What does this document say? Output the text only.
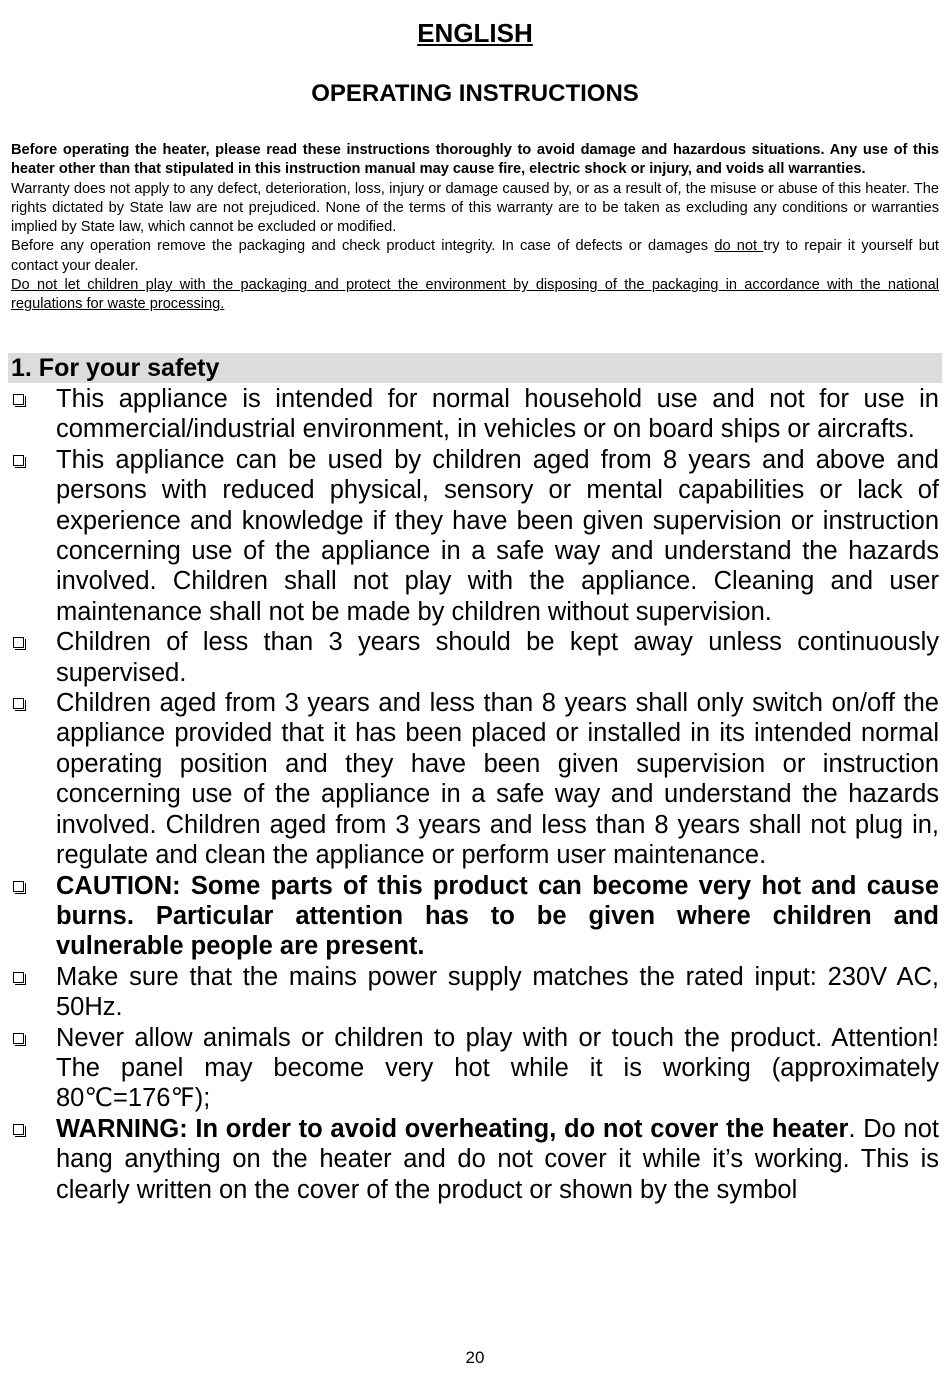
ENGLISH
OPERATING INSTRUCTIONS

Before operating the heater, please read these instructions thoroughly to avoid damage and hazardous situations. Any use of this heater other than that stipulated in this instruction manual may cause fire, electric shock or injury, and voids all warranties.

Warranty does not apply to any defect, deterioration, loss, injury or damage caused by, or as a result of, the misuse or abuse of this heater. The rights dictated by State law are not prejudiced. None of the terms of this warranty are to be taken as excluding any conditions or warranties implied by State law, which cannot be excluded or modified.

Before any operation remove the packaging and check product integrity. In case of defects or damages do not try to repair it yourself but contact your dealer.

Do not let children play with the packaging and protect the environment by disposing of the packaging in accordance with the national regulations for waste processing.

1. For your safety
This appliance is intended for normal household use and not for use in commercial/industrial environment, in vehicles or on board ships or aircrafts.
This appliance can be used by children aged from 8 years and above and persons with reduced physical, sensory or mental capabilities or lack of experience and knowledge if they have been given supervision or instruction concerning use of the appliance in a safe way and understand the hazards involved. Children shall not play with the appliance. Cleaning and user maintenance shall not be made by children without supervision.
Children of less than 3 years should be kept away unless continuously supervised.
Children aged from 3 years and less than 8 years shall only switch on/off the appliance provided that it has been placed or installed in its intended normal operating position and they have been given supervision or instruction concerning use of the appliance in a safe way and understand the hazards involved. Children aged from 3 years and less than 8 years shall not plug in, regulate and clean the appliance or perform user maintenance.
CAUTION: Some parts of this product can become very hot and cause burns. Particular attention has to be given where children and vulnerable people are present.
Make sure that the mains power supply matches the rated input: 230V AC, 50Hz.
Never allow animals or children to play with or touch the product. Attention! The panel may become very hot while it is working (approximately 80℃=176℉);
WARNING: In order to avoid overheating, do not cover the heater. Do not hang anything on the heater and do not cover it while it’s working. This is clearly written on the cover of the product or shown by the symbol
20
